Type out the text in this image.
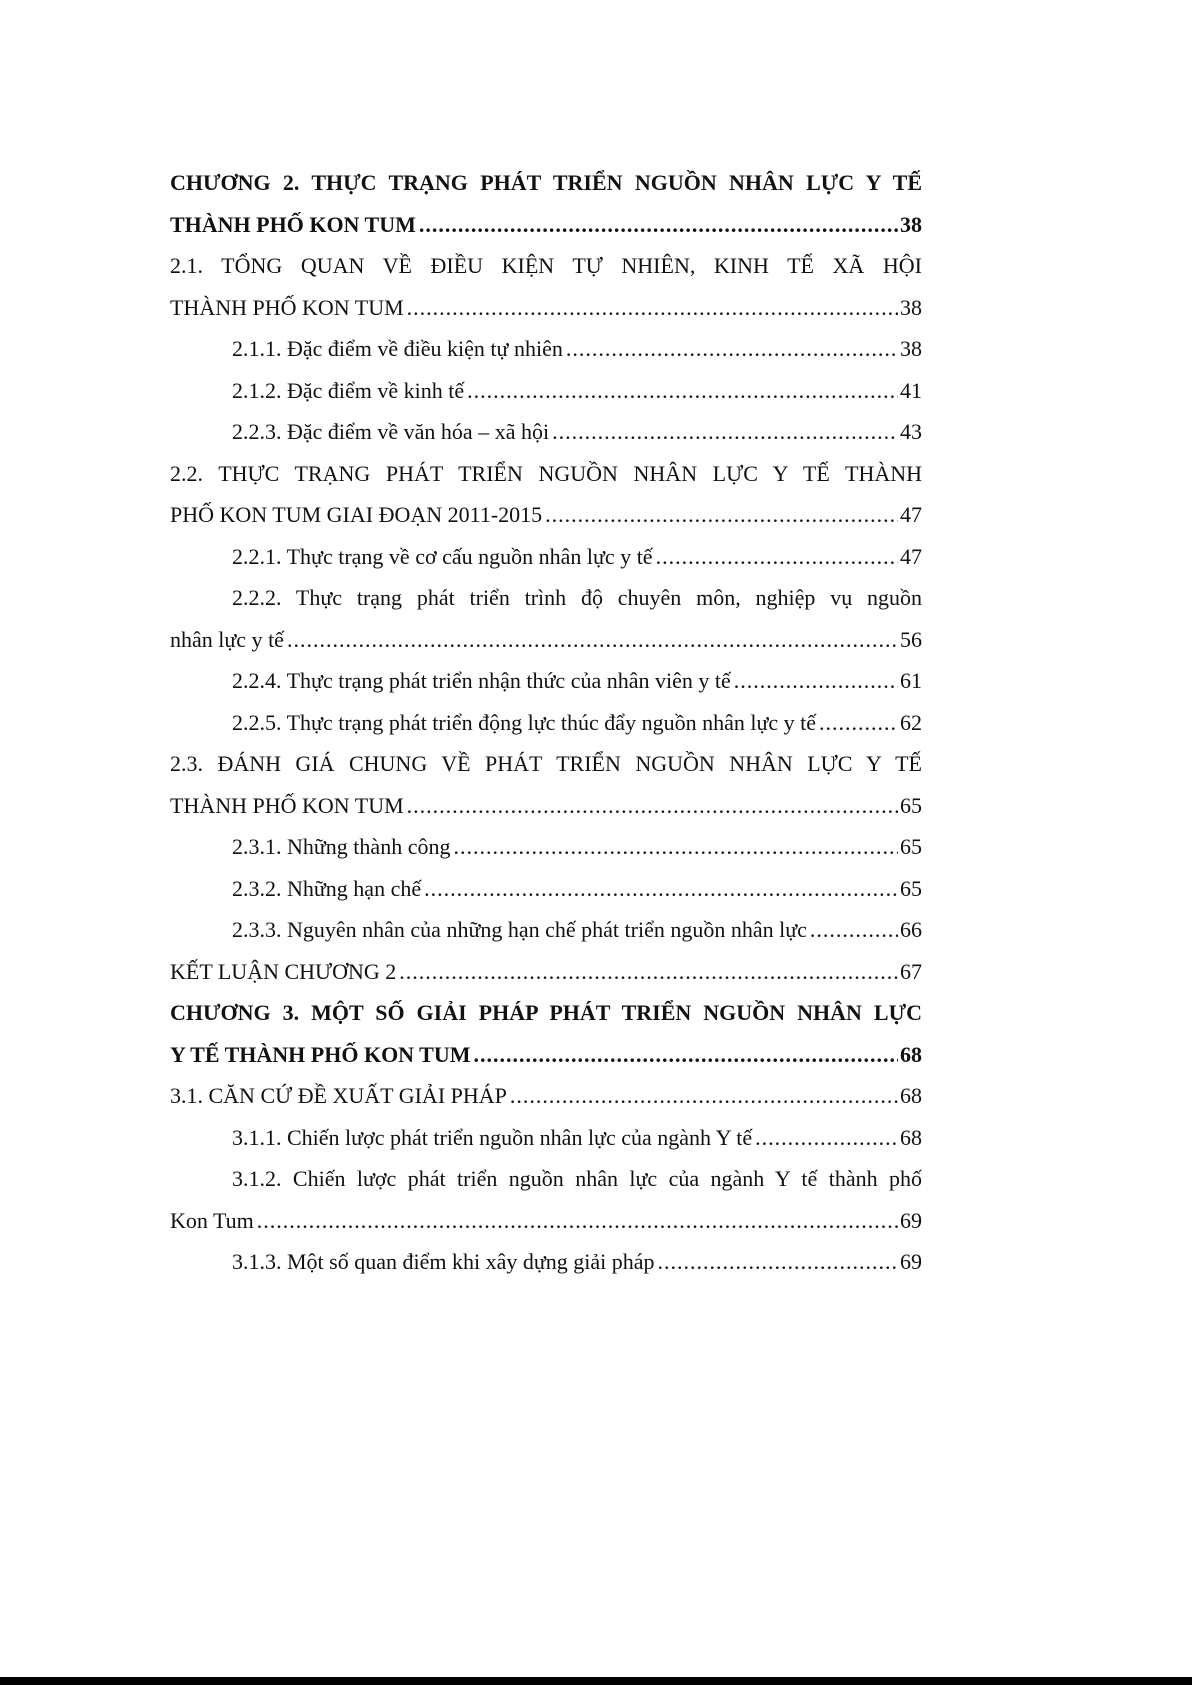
CHƯƠNG 2. THỰC TRẠNG PHÁT TRIỂN NGUỒN NHÂN LỰC Y TẾ
THÀNH PHỐ KON TUM .....	38
2.1. TỔNG QUAN VỀ ĐIỀU KIỆN TỰ NHIÊN, KINH TẾ XÃ HỘI
THÀNH PHỐ KON TUM .....	38
2.1.1. Đặc điểm về điều kiện tự nhiên .....	38
2.1.2. Đặc điểm về kinh tế .....	41
2.2.3. Đặc điểm về văn hóa – xã hội .....	43
2.2. THỰC TRẠNG PHÁT TRIỂN NGUỒN NHÂN LỰC Y TẾ THÀNH
PHỐ KON TUM GIAI ĐOẠN 2011-2015 .....	47
2.2.1. Thực trạng về cơ cấu nguồn nhân lực y tế .....	47
2.2.2. Thực trạng phát triển trình độ chuyên môn, nghiệp vụ nguồn
nhân lực y tế .....	56
2.2.4. Thực trạng phát triển nhận thức của nhân viên y tế .....	61
2.2.5. Thực trạng phát triển động lực thúc đẩy nguồn nhân lực y tế .....	62
2.3. ĐÁNH GIÁ CHUNG VỀ PHÁT TRIỂN NGUỒN NHÂN LỰC Y TẾ
THÀNH PHỐ KON TUM .....	65
2.3.1. Những thành công .....	65
2.3.2. Những hạn chế .....	65
2.3.3. Nguyên nhân của những hạn chế phát triển nguồn nhân lực .....	66
KẾT LUẬN CHƯƠNG 2 .....	67
CHƯƠNG 3. MỘT SỐ GIẢI PHÁP PHÁT TRIỂN NGUỒN NHÂN LỰC
Y TẾ THÀNH PHỐ KON TUM .....	68
3.1. CĂN CỨ ĐỀ XUẤT GIẢI PHÁP .....	68
3.1.1. Chiến lược phát triển nguồn nhân lực của ngành Y tế .....	68
3.1.2. Chiến lược phát triển nguồn nhân lực của ngành Y tế thành phố
Kon Tum .....	69
3.1.3. Một số quan điểm khi xây dựng giải pháp .....	69
